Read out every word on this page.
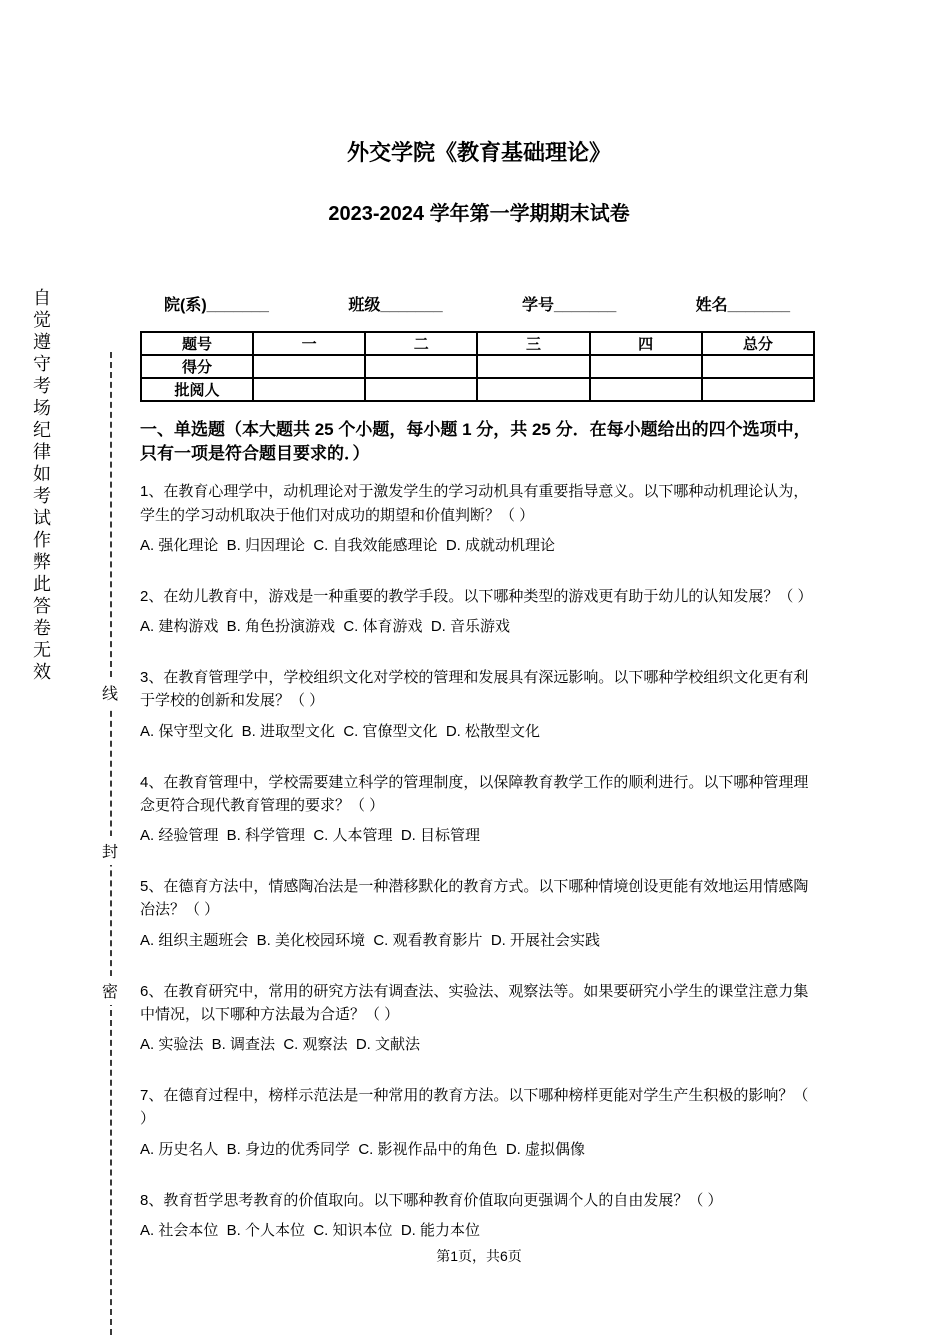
自觉遵守考场纪律如考试作弊此答卷无效
线
封
密
外交学院《教育基础理论》
2023-2024 学年第一学期期末试卷
院(系)_______	班级_______	学号_______	姓名_______
题号	一	二	三	四	总分
得分					
批阅人					
一、单选题（本大题共 25 个小题，每小题 1 分，共 25 分．在每小题给出的四个选项中，只有一项是符合题目要求的．）
1、在教育心理学中，动机理论对于激发学生的学习动机具有重要指导意义。以下哪种动机理论认为，学生的学习动机取决于他们对成功的期望和价值判断？（ ）
A. 强化理论  B. 归因理论  C. 自我效能感理论  D. 成就动机理论
2、在幼儿教育中，游戏是一种重要的教学手段。以下哪种类型的游戏更有助于幼儿的认知发展？（ ）
A. 建构游戏  B. 角色扮演游戏  C. 体育游戏  D. 音乐游戏
3、在教育管理学中，学校组织文化对学校的管理和发展具有深远影响。以下哪种学校组织文化更有利于学校的创新和发展？（ ）
A. 保守型文化  B. 进取型文化  C. 官僚型文化  D. 松散型文化
4、在教育管理中，学校需要建立科学的管理制度，以保障教育教学工作的顺利进行。以下哪种管理理念更符合现代教育管理的要求？（ ）
A. 经验管理  B. 科学管理  C. 人本管理  D. 目标管理
5、在德育方法中，情感陶冶法是一种潜移默化的教育方式。以下哪种情境创设更能有效地运用情感陶冶法？（ ）
A. 组织主题班会  B. 美化校园环境  C. 观看教育影片  D. 开展社会实践
6、在教育研究中，常用的研究方法有调查法、实验法、观察法等。如果要研究小学生的课堂注意力集中情况，以下哪种方法最为合适？（ ）
A. 实验法  B. 调查法  C. 观察法  D. 文献法
7、在德育过程中，榜样示范法是一种常用的教育方法。以下哪种榜样更能对学生产生积极的影响？（ ）
A. 历史名人  B. 身边的优秀同学  C. 影视作品中的角色  D. 虚拟偶像
8、教育哲学思考教育的价值取向。以下哪种教育价值取向更强调个人的自由发展？（ ）
A. 社会本位  B. 个人本位  C. 知识本位  D. 能力本位
第1页，共6页
